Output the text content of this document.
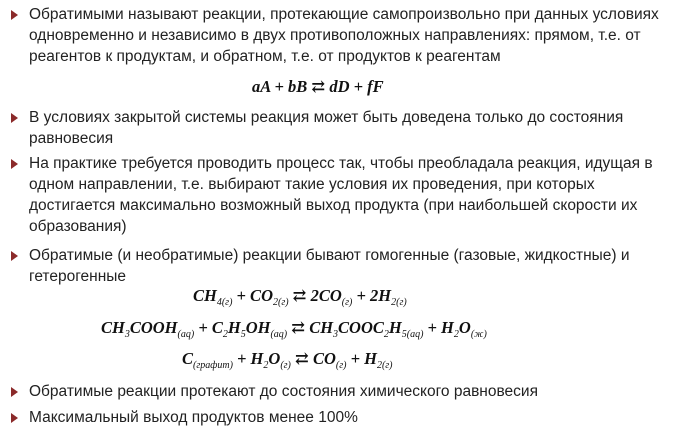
Обратимыми называют реакции, протекающие самопроизвольно при данных условиях
одновременно и независимо в двух противоположных направлениях: прямом, т.е. от
реагентов к продуктам, и обратном, т.е. от продуктов к реагентам
aA + bB ⇄ dD + fF
В условиях закрытой системы реакция может быть доведена только до состояния
равновесия
На практике требуется проводить процесс так, чтобы преобладала реакция, идущая в
одном направлении, т.е. выбирают такие условия их проведения, при которых
достигается максимально возможный выход продукта (при наибольшей скорости их
образования)
Обратимые (и необратимые) реакции бывают гомогенные (газовые, жидкостные) и
гетерогенные
$CH_{4(г)} + CO_{2(г)}$ ⇄ $2CO_{(г)} + 2H_{2(г)}$
$CH_3COOH_{(aq)} + C_2H_5OH_{(aq)}$ ⇄ $CH_3COOC_2H_{5(aq)} + H_2O_{(ж)}$
$C_{(графит)} + H_2O_{(г)}$ ⇄ $CO_{(г)} + H_{2(г)}$
Обратимые реакции протекают до состояния химического равновесия
Максимальный выход продуктов менее 100%
